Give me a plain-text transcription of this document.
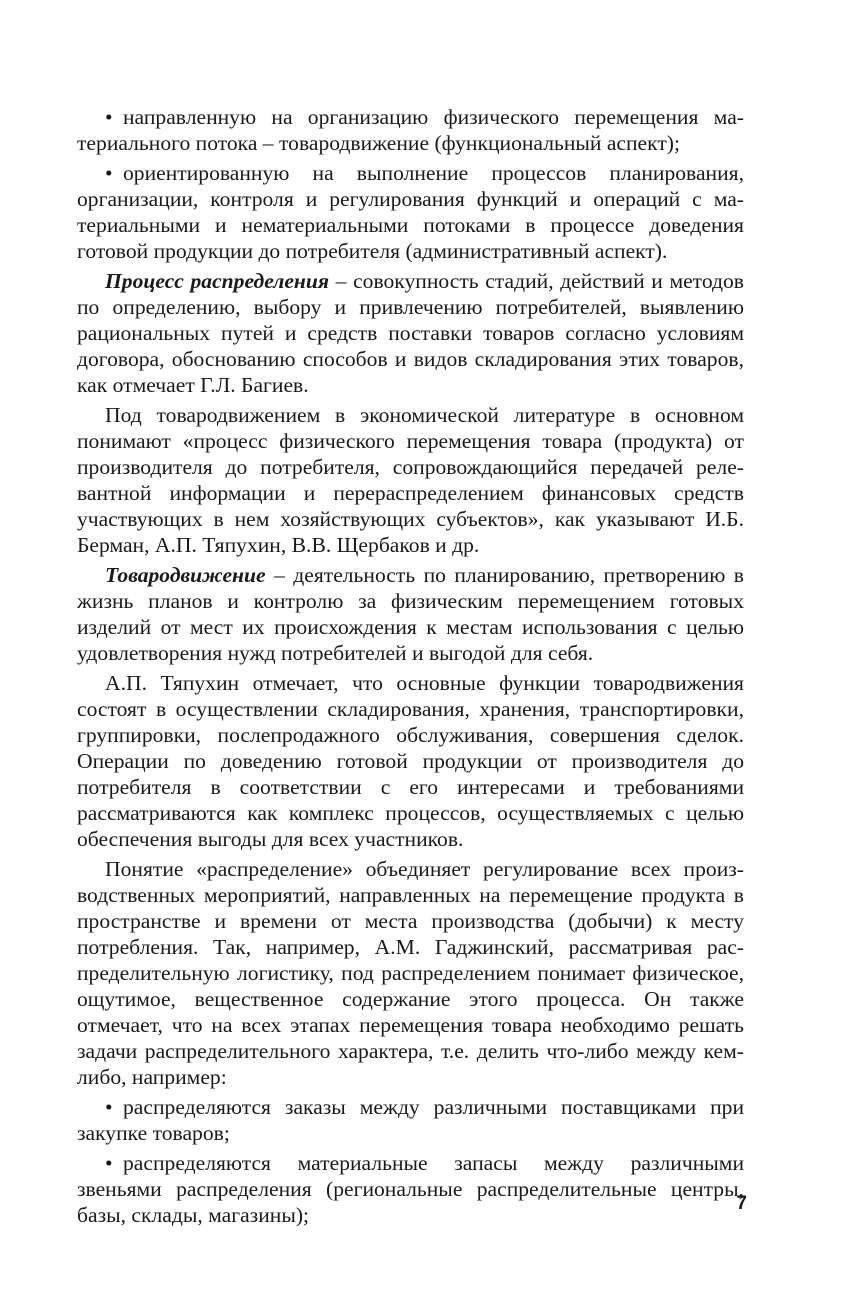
• направленную на организацию физического перемещения материального потока – товародвижение (функциональный аспект);

• ориентированную на выполнение процессов планирования, организации, контроля и регулирования функций и операций с материальными и нематериальными потоками в процессе доведения готовой продукции до потребителя (административный аспект).

Процесс распределения – совокупность стадий, действий и методов по определению, выбору и привлечению потребителей, выявлению рациональных путей и средств поставки товаров согласно условиям договора, обоснованию способов и видов складирования этих товаров, как отмечает Г.Л. Багиев.

Под товародвижением в экономической литературе в основном понимают «процесс физического перемещения товара (продукта) от производителя до потребителя, сопровождающийся передачей релевантной информации и перераспределением финансовых средств участвующих в нем хозяйствующих субъектов», как указывают И.Б. Берман, А.П. Тяпухин, В.В. Щербаков и др.

Товародвижение – деятельность по планированию, претворению в жизнь планов и контролю за физическим перемещением готовых изделий от мест их происхождения к местам использования с целью удовлетворения нужд потребителей и выгодой для себя.

А.П. Тяпухин отмечает, что основные функции товародвижения состоят в осуществлении складирования, хранения, транспортировки, группировки, послепродажного обслуживания, совершения сделок. Операции по доведению готовой продукции от производителя до потребителя в соответствии с его интересами и требованиями рассматриваются как комплекс процессов, осуществляемых с целью обеспечения выгоды для всех участников.

Понятие «распределение» объединяет регулирование всех производственных мероприятий, направленных на перемещение продукта в пространстве и времени от места производства (добычи) к месту потребления. Так, например, А.М. Гаджинский, рассматривая распределительную логистику, под распределением понимает физическое, ощутимое, вещественное содержание этого процесса. Он также отмечает, что на всех этапах перемещения товара необходимо решать задачи распределительного характера, т.е. делить что-либо между кем-либо, например:

• распределяются заказы между различными поставщиками при закупке товаров;

• распределяются материальные запасы между различными звеньями распределения (региональные распределительные центры, базы, склады, магазины);	7
